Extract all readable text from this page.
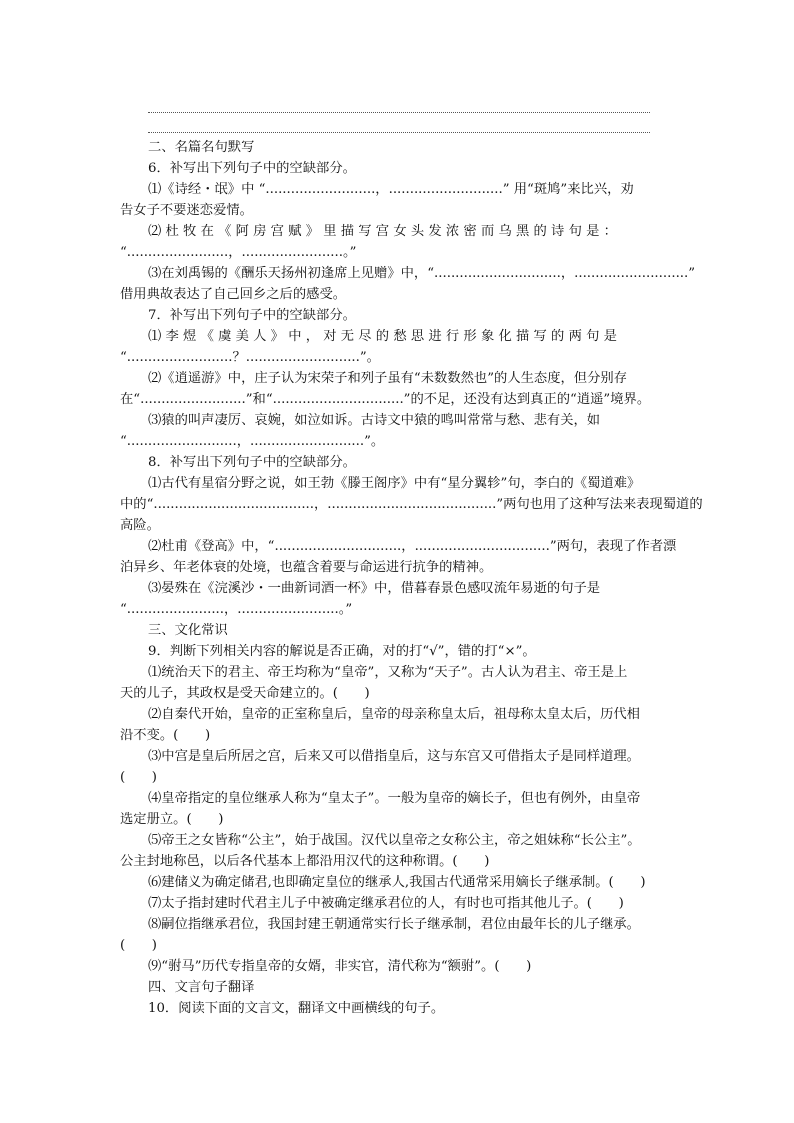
二、名篇名句默写
6．补写出下列句子中的空缺部分。
⑴《诗经・氓》中 “..........................，...........................” 用“斑鸠”来比兴，劝
告女子不要迷恋爱情。
⑵ 杜 牧 在 《 阿 房 宫 赋 》 里 描 写 宫 女 头 发 浓 密 而 乌 黑 的 诗 句 是 ：
“........................，........................。”
⑶在刘禹锡的《酬乐天扬州初逢席上见赠》中，“..............................，...........................”
借用典故表达了自己回乡之后的感受。
7．补写出下列句子中的空缺部分。
⑴ 李 煜 《 虞 美 人 》 中 ， 对 无 尽 的 愁 思 进 行 形 象 化 描 写 的 两 句 是
“.........................？...........................”。
⑵《逍遥游》中，庄子认为宋荣子和列子虽有“未数数然也”的人生态度，但分别存
在“.........................”和“...............................”的不足，还没有达到真正的“逍遥”境界。
⑶猿的叫声凄厉、哀婉，如泣如诉。古诗文中猿的鸣叫常常与愁、悲有关，如
“..........................，...........................”。
8．补写出下列句子中的空缺部分。
⑴古代有星宿分野之说，如王勃《滕王阁序》中有“星分翼轸”句，李白的《蜀道难》
中的“......................................，........................................”两句也用了这种写法来表现蜀道的
高险。
⑵杜甫《登高》中，“..............................，................................”两句，表现了作者漂
泊异乡、年老体衰的处境，也蕴含着要与命运进行抗争的精神。
⑶晏殊在《浣溪沙・一曲新词酒一杯》中，借暮春景色感叹流年易逝的句子是
“.......................，........................。”
三、文化常识
9．判断下列相关内容的解说是否正确，对的打“√”，错的打“×”。
⑴统治天下的君主、帝王均称为“皇帝”，又称为“天子”。古人认为君主、帝王是上
天的儿子，其政权是受天命建立的。(　　)
⑵自秦代开始，皇帝的正室称皇后，皇帝的母亲称皇太后，祖母称太皇太后，历代相
沿不变。(　　)
⑶中宫是皇后所居之宫，后来又可以借指皇后，这与东宫又可借指太子是同样道理。
(　　)
⑷皇帝指定的皇位继承人称为“皇太子”。一般为皇帝的嫡长子，但也有例外，由皇帝
选定册立。(　　)
⑸帝王之女皆称“公主”，始于战国。汉代以皇帝之女称公主，帝之姐妹称“长公主”。
公主封地称邑，以后各代基本上都沿用汉代的这种称谓。(　　)
⑹建储义为确定储君,也即确定皇位的继承人,我国古代通常采用嫡长子继承制。(　　)
⑺太子指封建时代君主儿子中被确定继承君位的人，有时也可指其他儿子。(　　)
⑻嗣位指继承君位，我国封建王朝通常实行长子继承制，君位由最年长的儿子继承。
(　　)
⑼“驸马”历代专指皇帝的女婿，非实官，清代称为“额驸”。(　　)
四、文言句子翻译
10．阅读下面的文言文，翻译文中画横线的句子。
